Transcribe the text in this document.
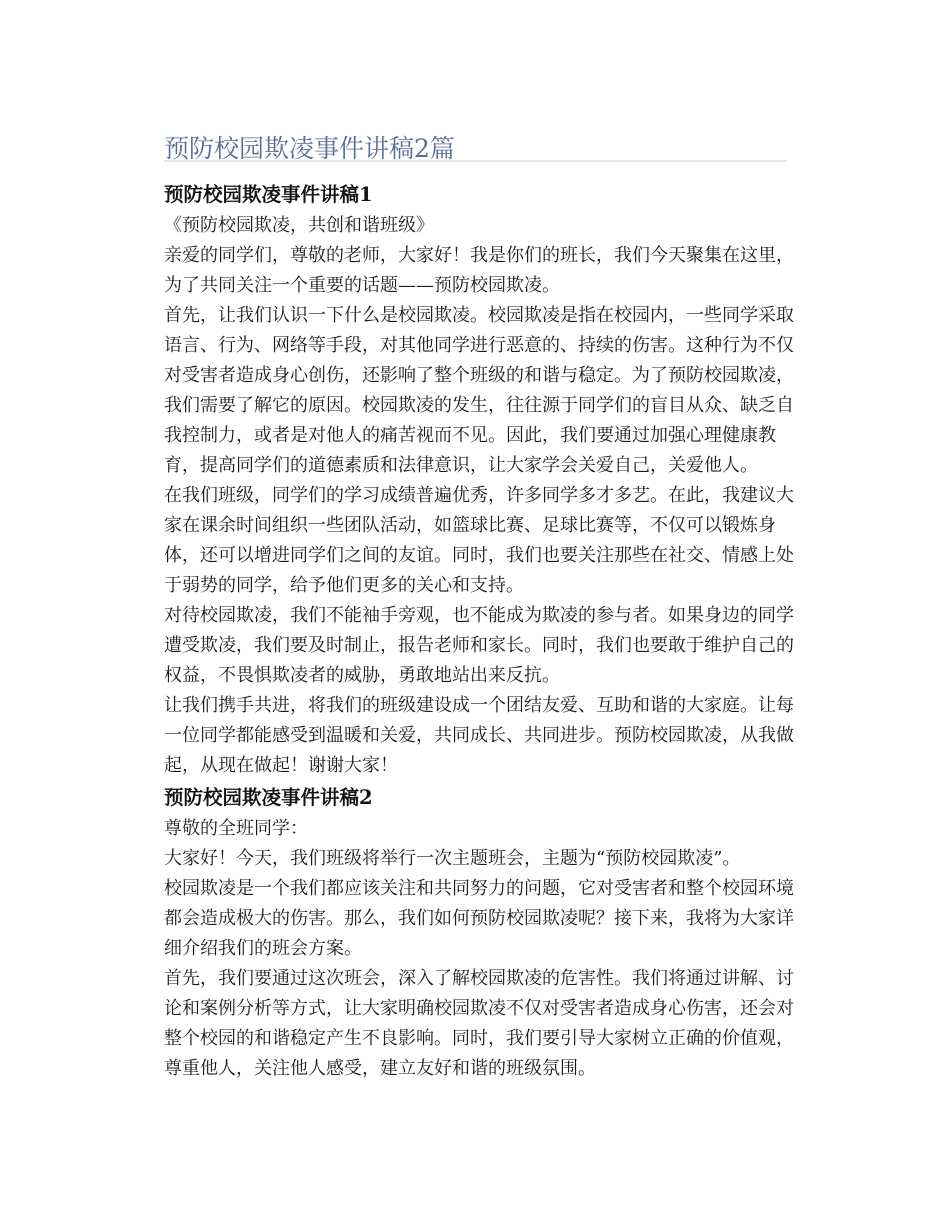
预防校园欺凌事件讲稿2篇
预防校园欺凌事件讲稿1

《预防校园欺凌，共创和谐班级》

亲爱的同学们，尊敬的老师，大家好！我是你们的班长，我们今天聚集在这里，为了共同关注一个重要的话题——预防校园欺凌。

首先，让我们认识一下什么是校园欺凌。校园欺凌是指在校园内，一些同学采取语言、行为、网络等手段，对其他同学进行恶意的、持续的伤害。这种行为不仅对受害者造成身心创伤，还影响了整个班级的和谐与稳定。为了预防校园欺凌，我们需要了解它的原因。校园欺凌的发生，往往源于同学们的盲目从众、缺乏自我控制力，或者是对他人的痛苦视而不见。因此，我们要通过加强心理健康教育，提高同学们的道德素质和法律意识，让大家学会关爱自己，关爱他人。

在我们班级，同学们的学习成绩普遍优秀，许多同学多才多艺。在此，我建议大家在课余时间组织一些团队活动，如篮球比赛、足球比赛等，不仅可以锻炼身体，还可以增进同学们之间的友谊。同时，我们也要关注那些在社交、情感上处于弱势的同学，给予他们更多的关心和支持。

对待校园欺凌，我们不能袖手旁观，也不能成为欺凌的参与者。如果身边的同学遭受欺凌，我们要及时制止，报告老师和家长。同时，我们也要敢于维护自己的权益，不畏惧欺凌者的威胁，勇敢地站出来反抗。

让我们携手共进，将我们的班级建设成一个团结友爱、互助和谐的大家庭。让每一位同学都能感受到温暖和关爱，共同成长、共同进步。预防校园欺凌，从我做起，从现在做起！谢谢大家！

预防校园欺凌事件讲稿2

尊敬的全班同学：

大家好！今天，我们班级将举行一次主题班会，主题为“预防校园欺凌”。

校园欺凌是一个我们都应该关注和共同努力的问题，它对受害者和整个校园环境都会造成极大的伤害。那么，我们如何预防校园欺凌呢？接下来，我将为大家详细介绍我们的班会方案。

首先，我们要通过这次班会，深入了解校园欺凌的危害性。我们将通过讲解、讨论和案例分析等方式，让大家明确校园欺凌不仅对受害者造成身心伤害，还会对整个校园的和谐稳定产生不良影响。同时，我们要引导大家树立正确的价值观，尊重他人，关注他人感受，建立友好和谐的班级氛围。
